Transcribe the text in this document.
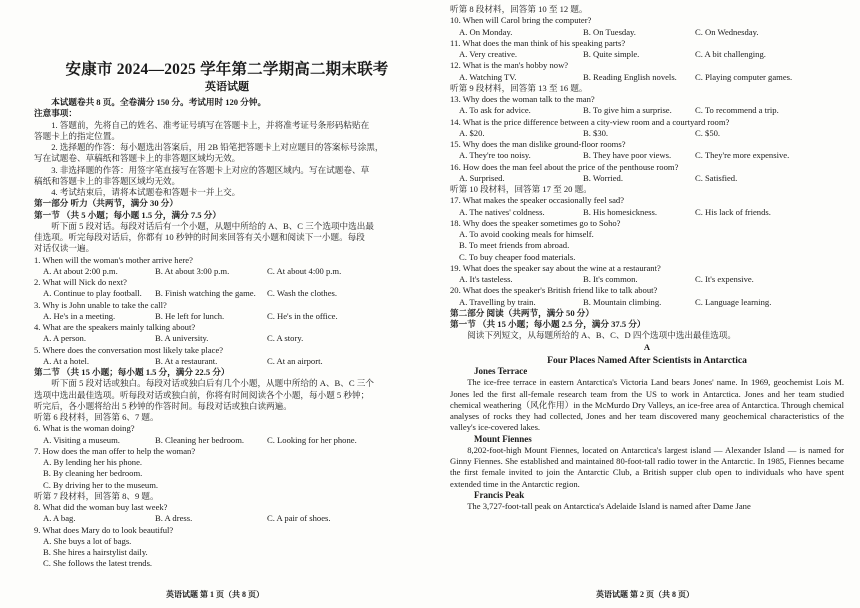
安康市 2024—2025 学年第二学期高二期末联考
英语试题
本试题卷共 8 页。全卷满分 150 分。考试用时 120 分钟。
注意事项：
1. 答题前，先将自己的姓名、准考证号填写在答题卡上，并将准考证号条形码粘贴在
答题卡上的指定位置。
2. 选择题的作答：每小题选出答案后，用 2B 铅笔把答题卡上对应题目的答案标号涂黑，
写在试题卷、草稿纸和答题卡上的非答题区域均无效。
3. 非选择题的作答：用签字笔直接写在答题卡上对应的答题区域内。写在试题卷、草
稿纸和答题卡上的非答题区域均无效。
4. 考试结束后，请将本试题卷和答题卡一并上交。
第一部分 听力（共两节，满分 30 分）
第一节 （共 5 小题；每小题 1.5 分，满分 7.5 分）
听下面 5 段对话。每段对话后有一个小题，从题中所给的 A、B、C 三个选项中选出最
佳选项。听完每段对话后，你都有 10 秒钟的时间来回答有关小题和阅读下一小题。每段
对话仅读一遍。
1. When will the woman's mother arrive here?
A. At about 2:00 p.m.	B. At about 3:00 p.m.	C. At about 4:00 p.m.
2. What will Nick do next?
A. Continue to play football.	B. Finish watching the game.	C. Wash the clothes.
3. Why is John unable to take the call?
A. He's in a meeting.	B. He left for lunch.	C. He's in the office.
4. What are the speakers mainly talking about?
A. A person.	B. A university.	C. A story.
5. Where does the conversation most likely take place?
A. At a hotel.	B. At a restaurant.	C. At an airport.
第二节 （共 15 小题；每小题 1.5 分，满分 22.5 分）
听下面 5 段对话或独白。每段对话或独白后有几个小题，从题中所给的 A、B、C 三个
选项中选出最佳选项。听每段对话或独白前，你将有时间阅读各个小题，每小题 5 秒钟；
听完后，各小题将给出 5 秒钟的作答时间。每段对话或独白读两遍。
听第 6 段材料，回答第 6、7 题。
6. What is the woman doing?
A. Visiting a museum.	B. Cleaning her bedroom.	C. Looking for her phone.
7. How does the man offer to help the woman?
A. By lending her his phone.
B. By cleaning her bedroom.
C. By driving her to the museum.
听第 7 段材料，回答第 8、9 题。
8. What did the woman buy last week?
A. A bag.	B. A dress.	C. A pair of shoes.
9. What does Mary do to look beautiful?
A. She buys a lot of bags.
B. She hires a hairstylist daily.
C. She follows the latest trends.
英语试题 第 1 页（共 8 页）
听第 8 段材料，回答第 10 至 12 题。
10. When will Carol bring the computer?
A. On Monday.	B. On Tuesday.	C. On Wednesday.
11. What does the man think of his speaking parts?
A. Very creative.	B. Quite simple.	C. A bit challenging.
12. What is the man's hobby now?
A. Watching TV.	B. Reading English novels.	C. Playing computer games.
听第 9 段材料，回答第 13 至 16 题。
13. Why does the woman talk to the man?
A. To ask for advice.	B. To give him a surprise.	C. To recommend a trip.
14. What is the price difference between a city-view room and a courtyard room?
A. $20.	B. $30.	C. $50.
15. Why does the man dislike ground-floor rooms?
A. They're too noisy.	B. They have poor views.	C. They're more expensive.
16. How does the man feel about the price of the penthouse room?
A. Surprised.	B. Worried.	C. Satisfied.
听第 10 段材料，回答第 17 至 20 题。
17. What makes the speaker occasionally feel sad?
A. The natives' coldness.	B. His homesickness.	C. His lack of friends.
18. Why does the speaker sometimes go to Soho?
A. To avoid cooking meals for himself.
B. To meet friends from abroad.
C. To buy cheaper food materials.
19. What does the speaker say about the wine at a restaurant?
A. It's tasteless.	B. It's common.	C. It's expensive.
20. What does the speaker's British friend like to talk about?
A. Travelling by train.	B. Mountain climbing.	C. Language learning.
第二部分 阅读（共两节，满分 50 分）
第一节 （共 15 小题；每小题 2.5 分，满分 37.5 分）
阅读下列短文，从每题所给的 A、B、C、D 四个选项中选出最佳选项。
A
Four Places Named After Scientists in Antarctica
Jones Terrace
The ice-free terrace in eastern Antarctica's Victoria Land bears Jones' name. In 1969, geochemist Lois M. Jones led the first all-female research team from the US to work in Antarctica. Jones and her team studied chemical weathering（风化作用）in the McMurdo Dry Valleys, an ice-free area of Antarctica. Through chemical analyses of rocks they had collected, Jones and her team discovered many geochemical characteristics of the valley's ice-covered lakes.
Mount Fiennes
8,202-foot-high Mount Fiennes, located on Antarctica's largest island — Alexander Island — is named for Ginny Fiennes. She established and maintained 80-foot-tall radio tower in the Antarctic. In 1985, Fiennes became the first female invited to join the Antarctic Club, a British supper club open to individuals who have spent extended time in the Antarctic region.
Francis Peak
The 3,727-foot-tall peak on Antarctica's Adelaide Island is named after Dame Jane
英语试题 第 2 页（共 8 页）
